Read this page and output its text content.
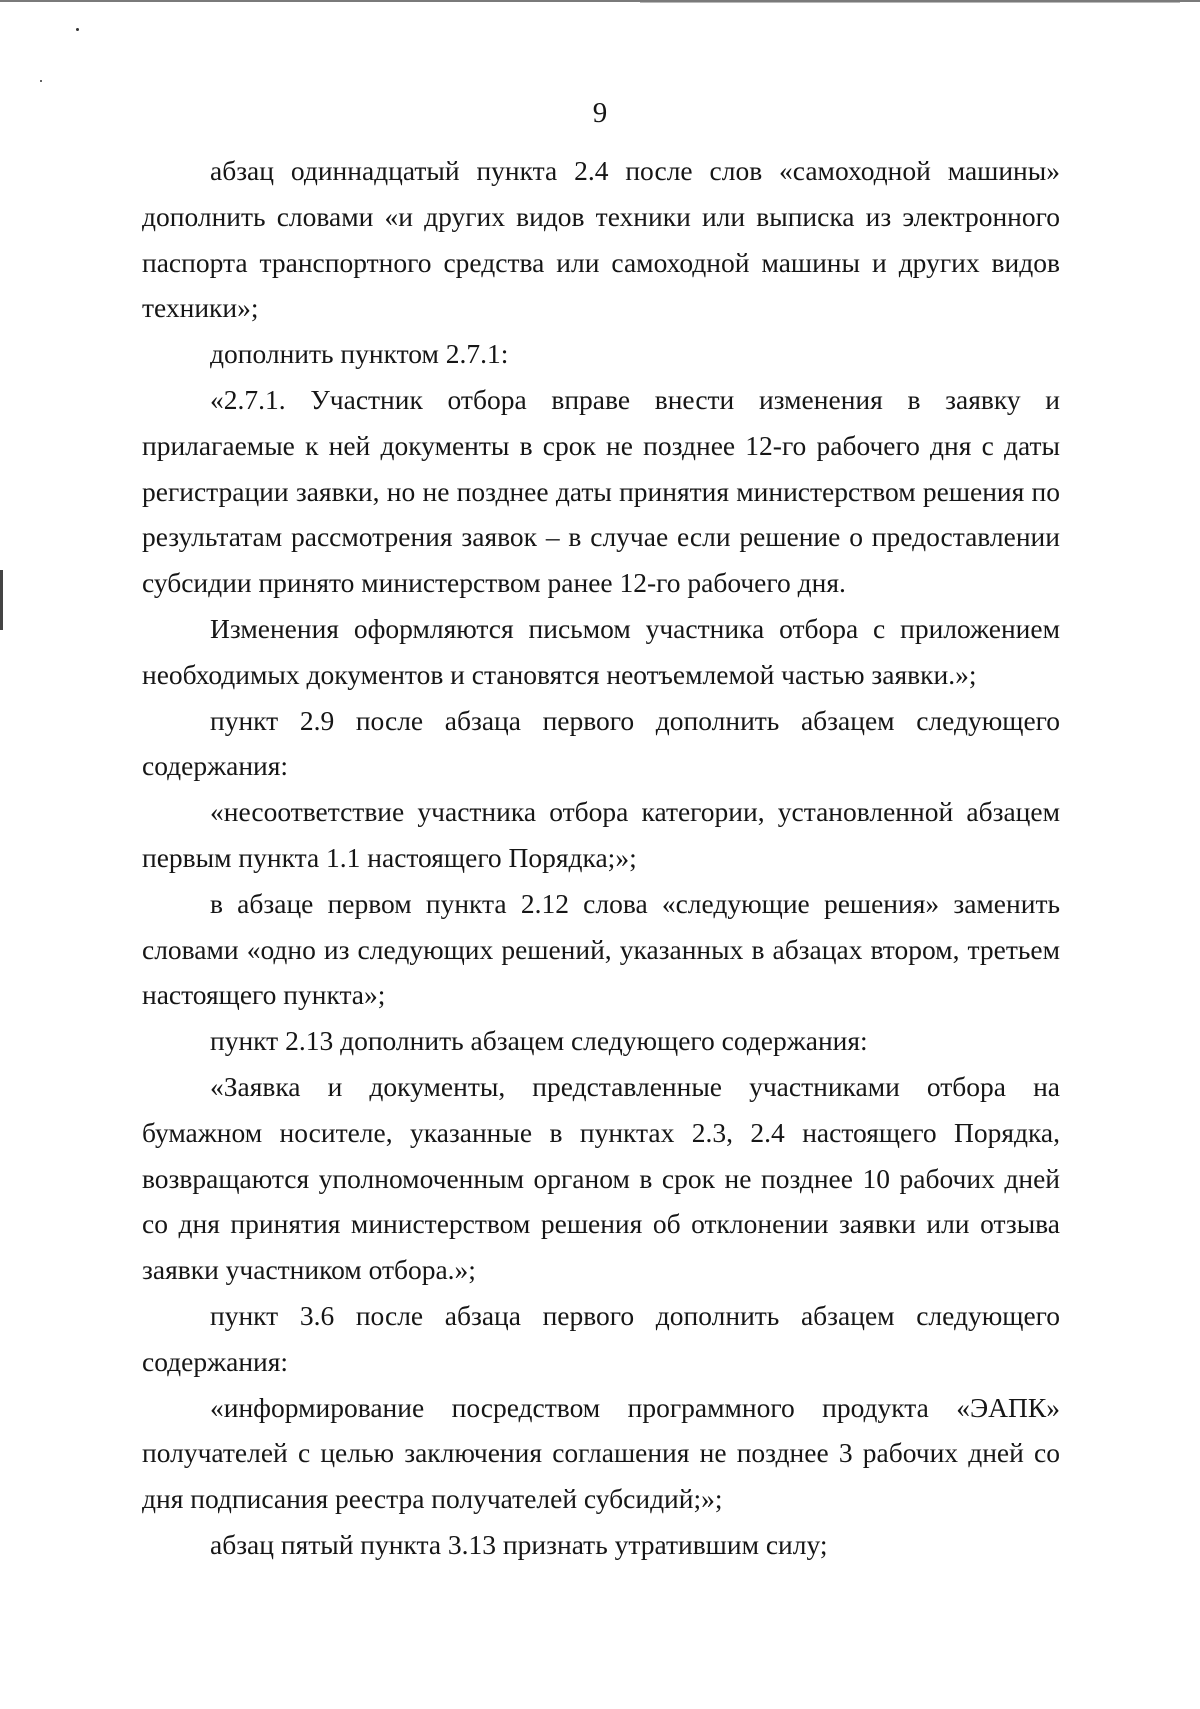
9

абзац одиннадцатый пункта 2.4 после слов «самоходной машины» дополнить словами «и других видов техники или выписка из электронного паспорта транспортного средства или самоходной машины и других видов техники»;

дополнить пунктом 2.7.1:

«2.7.1. Участник отбора вправе внести изменения в заявку и прилагаемые к ней документы в срок не позднее 12-го рабочего дня с даты регистрации заявки, но не позднее даты принятия министерством решения по результатам рассмотрения заявок – в случае если решение о предоставлении субсидии принято министерством ранее 12-го рабочего дня.

Изменения оформляются письмом участника отбора с приложением необходимых документов и становятся неотъемлемой частью заявки.»;

пункт 2.9 после абзаца первого дополнить абзацем следующего содержания:

«несоответствие участника отбора категории, установленной абзацем первым пункта 1.1 настоящего Порядка;»;

в абзаце первом пункта 2.12 слова «следующие решения» заменить словами «одно из следующих решений, указанных в абзацах втором, третьем настоящего пункта»;

пункт 2.13 дополнить абзацем следующего содержания:

«Заявка и документы, представленные участниками отбора на бумажном носителе, указанные в пунктах 2.3, 2.4 настоящего Порядка, возвращаются уполномоченным органом в срок не позднее 10 рабочих дней со дня принятия министерством решения об отклонении заявки или отзыва заявки участником отбора.»;

пункт 3.6 после абзаца первого дополнить абзацем следующего содержания:

«информирование посредством программного продукта «ЭАПК» получателей с целью заключения соглашения не позднее 3 рабочих дней со дня подписания реестра получателей субсидий;»;

абзац пятый пункта 3.13 признать утратившим силу;
